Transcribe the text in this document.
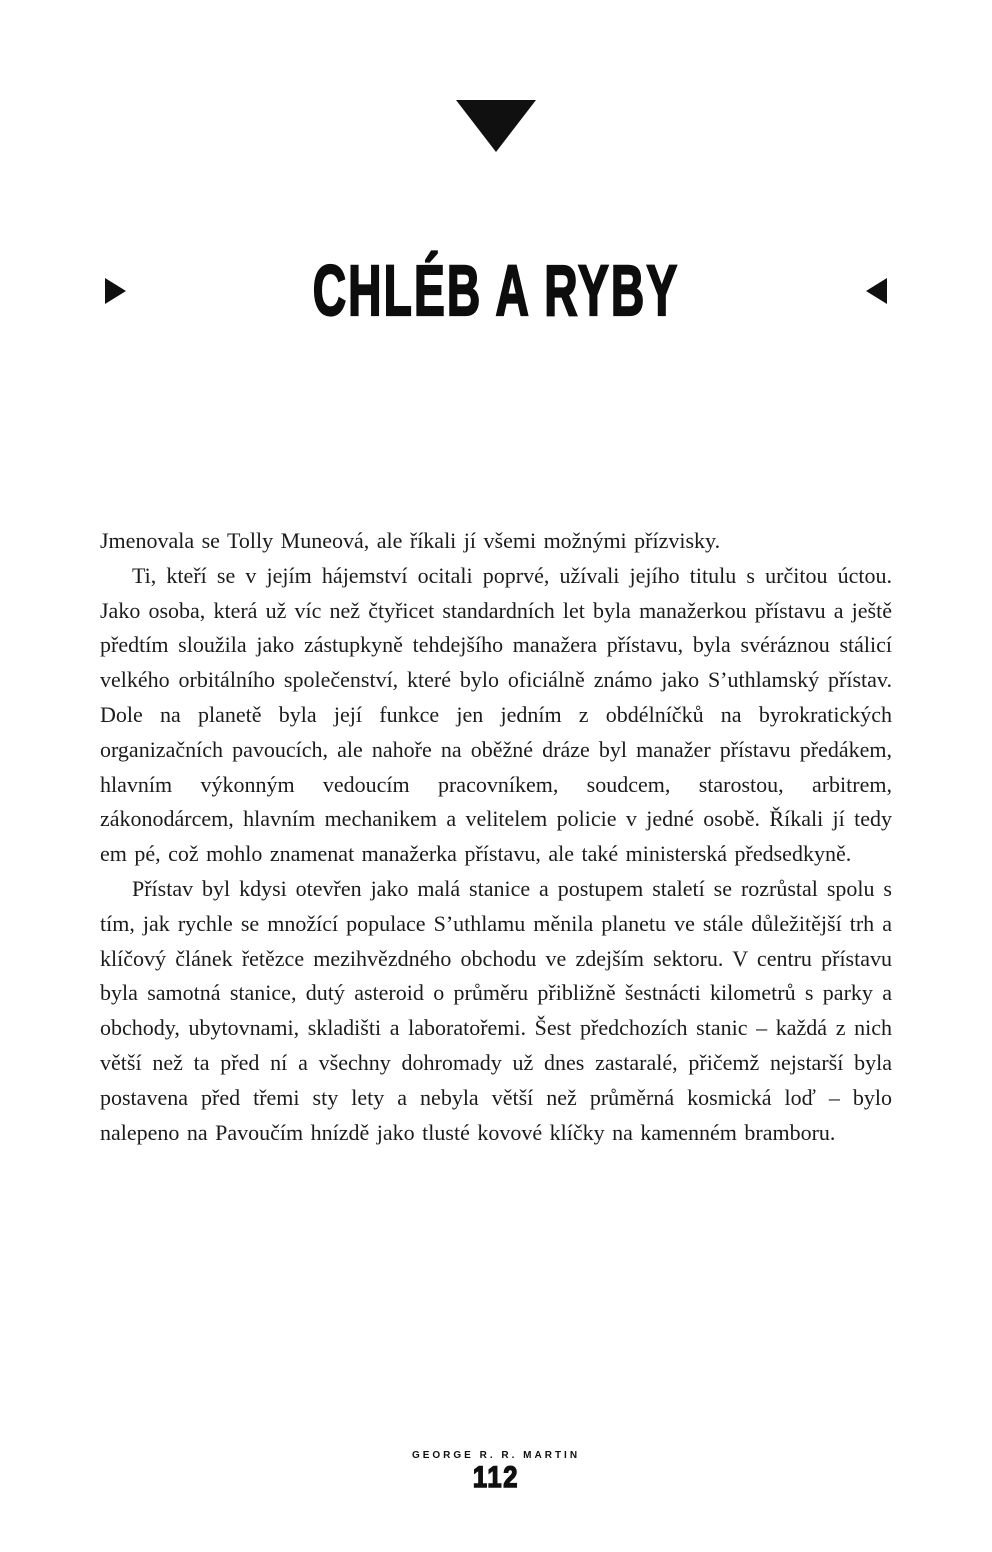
CHLÉB A RYBY

Jmenovala se Tolly Muneová, ale říkali jí všemi možnými přízvisky.

Ti, kteří se v jejím hájemství ocitali poprvé, užívali jejího titulu s určitou úctou. Jako osoba, která už víc než čtyřicet standardních let byla manažerkou přístavu a ještě předtím sloužila jako zástupkyně tehdejšího manažera přístavu, byla svéráznou stálicí velkého orbitálního společenství, které bylo oficiálně známo jako S’uthlamský přístav. Dole na planetě byla její funkce jen jedním z obdélníčků na byrokratických organizačních pavoucích, ale nahoře na oběžné dráze byl manažer přístavu předákem, hlavním výkonným vedoucím pracovníkem, soudcem, starostou, arbitrem, zákonodárcem, hlavním mechanikem a velitelem policie v jedné osobě. Říkali jí tedy em pé, což mohlo znamenat manažerka přístavu, ale také ministerská předsedkyně.

Přístav byl kdysi otevřen jako malá stanice a postupem staletí se rozrůstal spolu s tím, jak rychle se množící populace S’uthlamu měnila planetu ve stále důležitější trh a klíčový článek řetězce mezihvězdného obchodu ve zdejším sektoru. V centru přístavu byla samotná stanice, dutý asteroid o průměru přibližně šestnácti kilometrů s parky a obchody, ubytovnami, skladišti a laboratořemi. Šest předchozích stanic – každá z nich větší než ta před ní a všechny dohromady už dnes zastaralé, přičemž nejstarší byla postavena před třemi sty lety a nebyla větší než průměrná kosmická loď – bylo nalepeno na Pavoučím hnízdě jako tlusté kovové klíčky na kamenném bramboru.

GEORGE R. R. MARTIN
112
